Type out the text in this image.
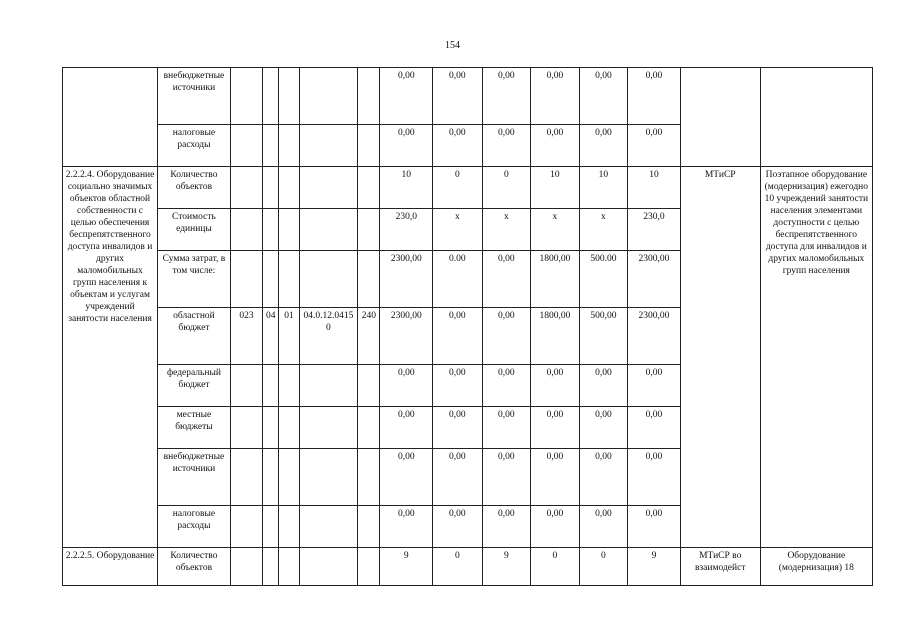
154
	внебюджетные источники						0,00	0,00	0,00	0,00	0,00	0,00		
	налоговые расходы						0,00	0,00	0,00	0,00	0,00	0,00		
2.2.2.4. Оборудование социально значимых объектов областной собственности с целью обеспечения беспрепятственного доступа инвалидов и других маломобильных групп населения к объектам и услугам учреждений занятости населения	Количество объектов						10	0	0	10	10	10	МТиСР	Поэтапное оборудование (модернизация) ежегодно 10 учреждений занятости населения элементами доступности с целью беспрепятственного доступа для инвалидов и других маломобильных групп населения
	Стоимость единицы						230,0	x	x	x	x	230,0		
	Сумма затрат, в том числе:						2300,00	0.00	0,00	1800,00	500.00	2300,00		
	областной бюджет	023	04	01	04.0.12.04150	240	2300,00	0,00	0,00	1800,00	500,00	2300,00		
	федеральный бюджет						0,00	0,00	0,00	0,00	0,00	0,00		
	местные бюджеты						0,00	0,00	0,00	0,00	0,00	0,00		
	внебюджетные источники						0,00	0,00	0,00	0,00	0,00	0,00		
	налоговые расходы						0,00	0,00	0,00	0,00	0,00	0,00		
2.2.2.5. Оборудование	Количество объектов						9	0	9	0	0	9	МТиСР во взаимодейст	Оборудование (модернизация) 18
